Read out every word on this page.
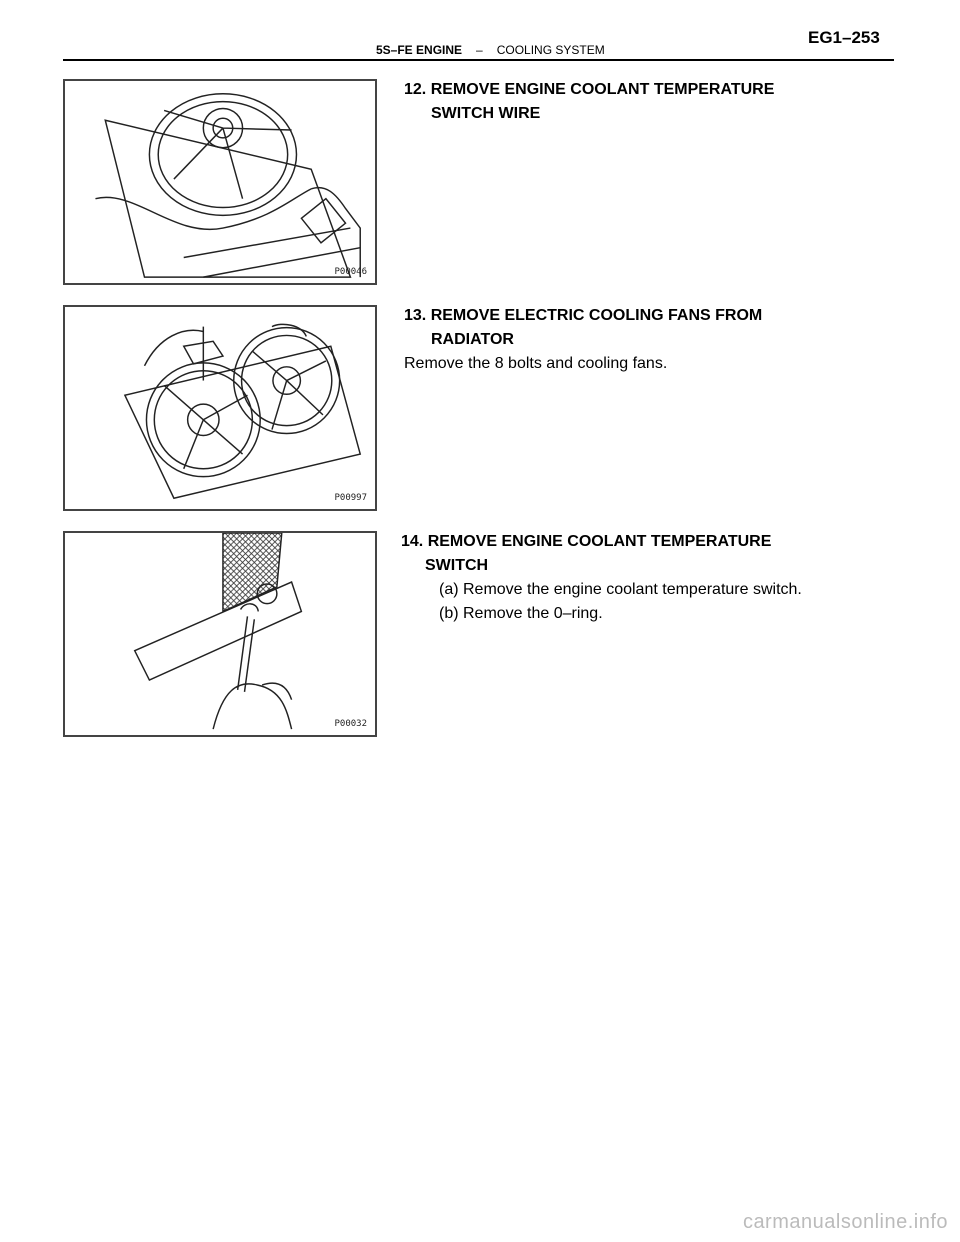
5S–FE ENGINE – COOLING SYSTEM
EG1–253
P00046
P00997
P00032
12. REMOVE ENGINE COOLANT TEMPERATURE
SWITCH WIRE
13. REMOVE ELECTRIC COOLING FANS FROM
RADIATOR
Remove the 8 bolts and cooling fans.
14. REMOVE ENGINE COOLANT TEMPERATURE
SWITCH
(a) Remove the engine coolant temperature switch.
(b) Remove the 0–ring.
carmanualsonline.info
